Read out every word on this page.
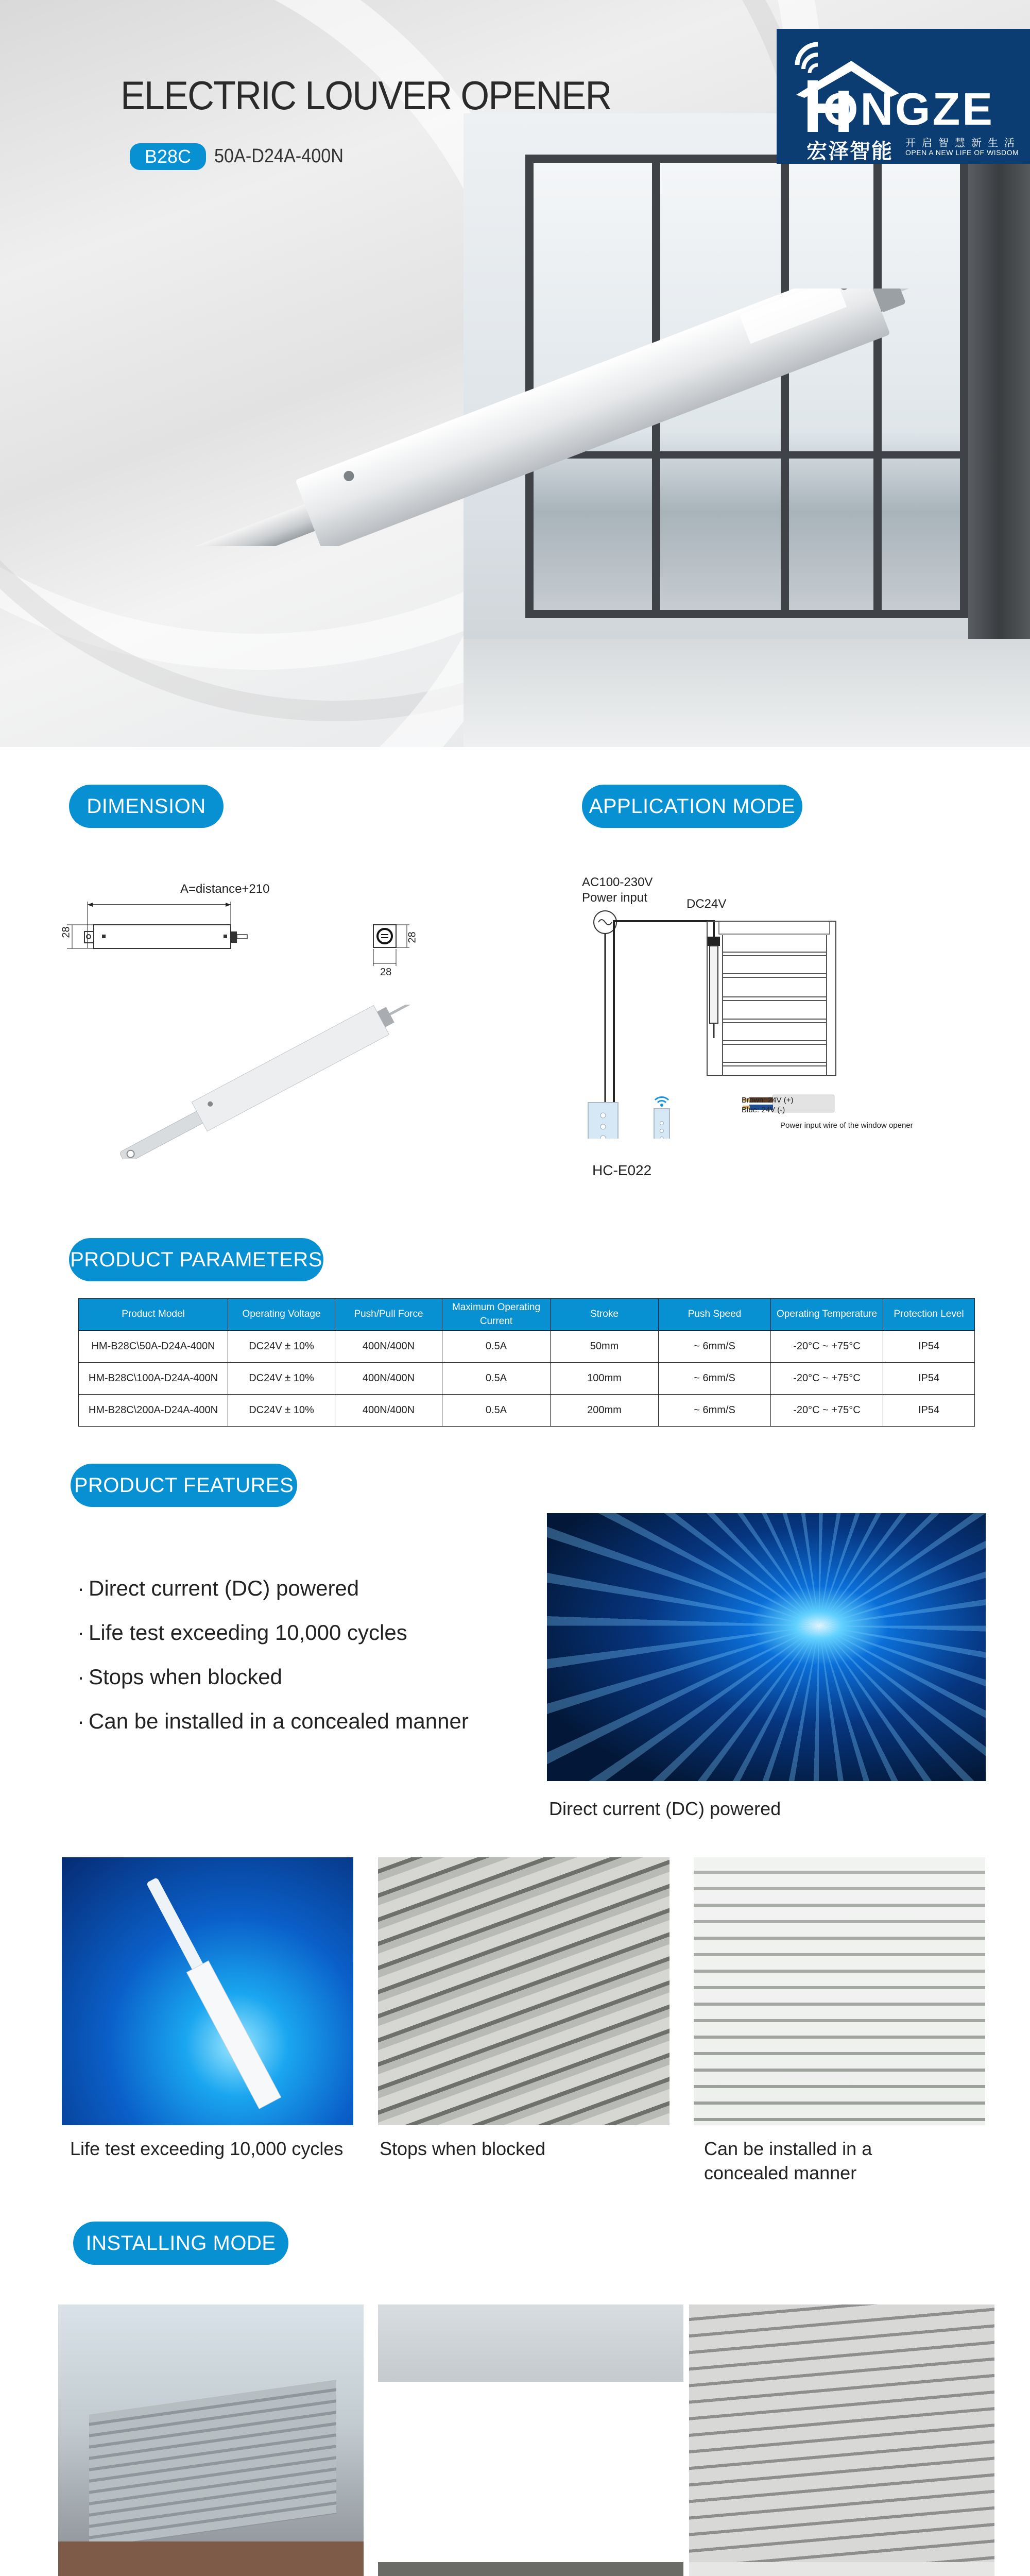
ELECTRIC LOUVER OPENER
B28C	50A-D24A-400N
ONGZE
宏泽智能 开启智慧新生活
OPEN A NEW LIFE OF WISDOM
DIMENSION
A=distance+210
28	28
28
APPLICATION MODE
AC100-230V
Power input	DC24V
HC-E022
Brown: 24V (+)
Blue: 24V (-)
Power input wire of the window opener
PRODUCT PARAMETERS
Product Model	Operating Voltage	Push/Pull Force	Maximum Operating Current	Stroke	Push Speed	Operating Temperature	Protection Level
HM-B28C\50A-D24A-400N	DC24V ± 10%	400N/400N	0.5A	50mm	~ 6mm/S	-20°C ~ +75°C	IP54
HM-B28C\100A-D24A-400N	DC24V ± 10%	400N/400N	0.5A	100mm	~ 6mm/S	-20°C ~ +75°C	IP54
HM-B28C\200A-D24A-400N	DC24V ± 10%	400N/400N	0.5A	200mm	~ 6mm/S	-20°C ~ +75°C	IP54
PRODUCT FEATURES
· Direct current (DC) powered
· Life test exceeding 10,000 cycles
· Stops when blocked
· Can be installed in a concealed manner
Direct current (DC) powered
Life test exceeding 10,000 cycles	Stops when blocked	Can be installed in a concealed manner
INSTALLING MODE
